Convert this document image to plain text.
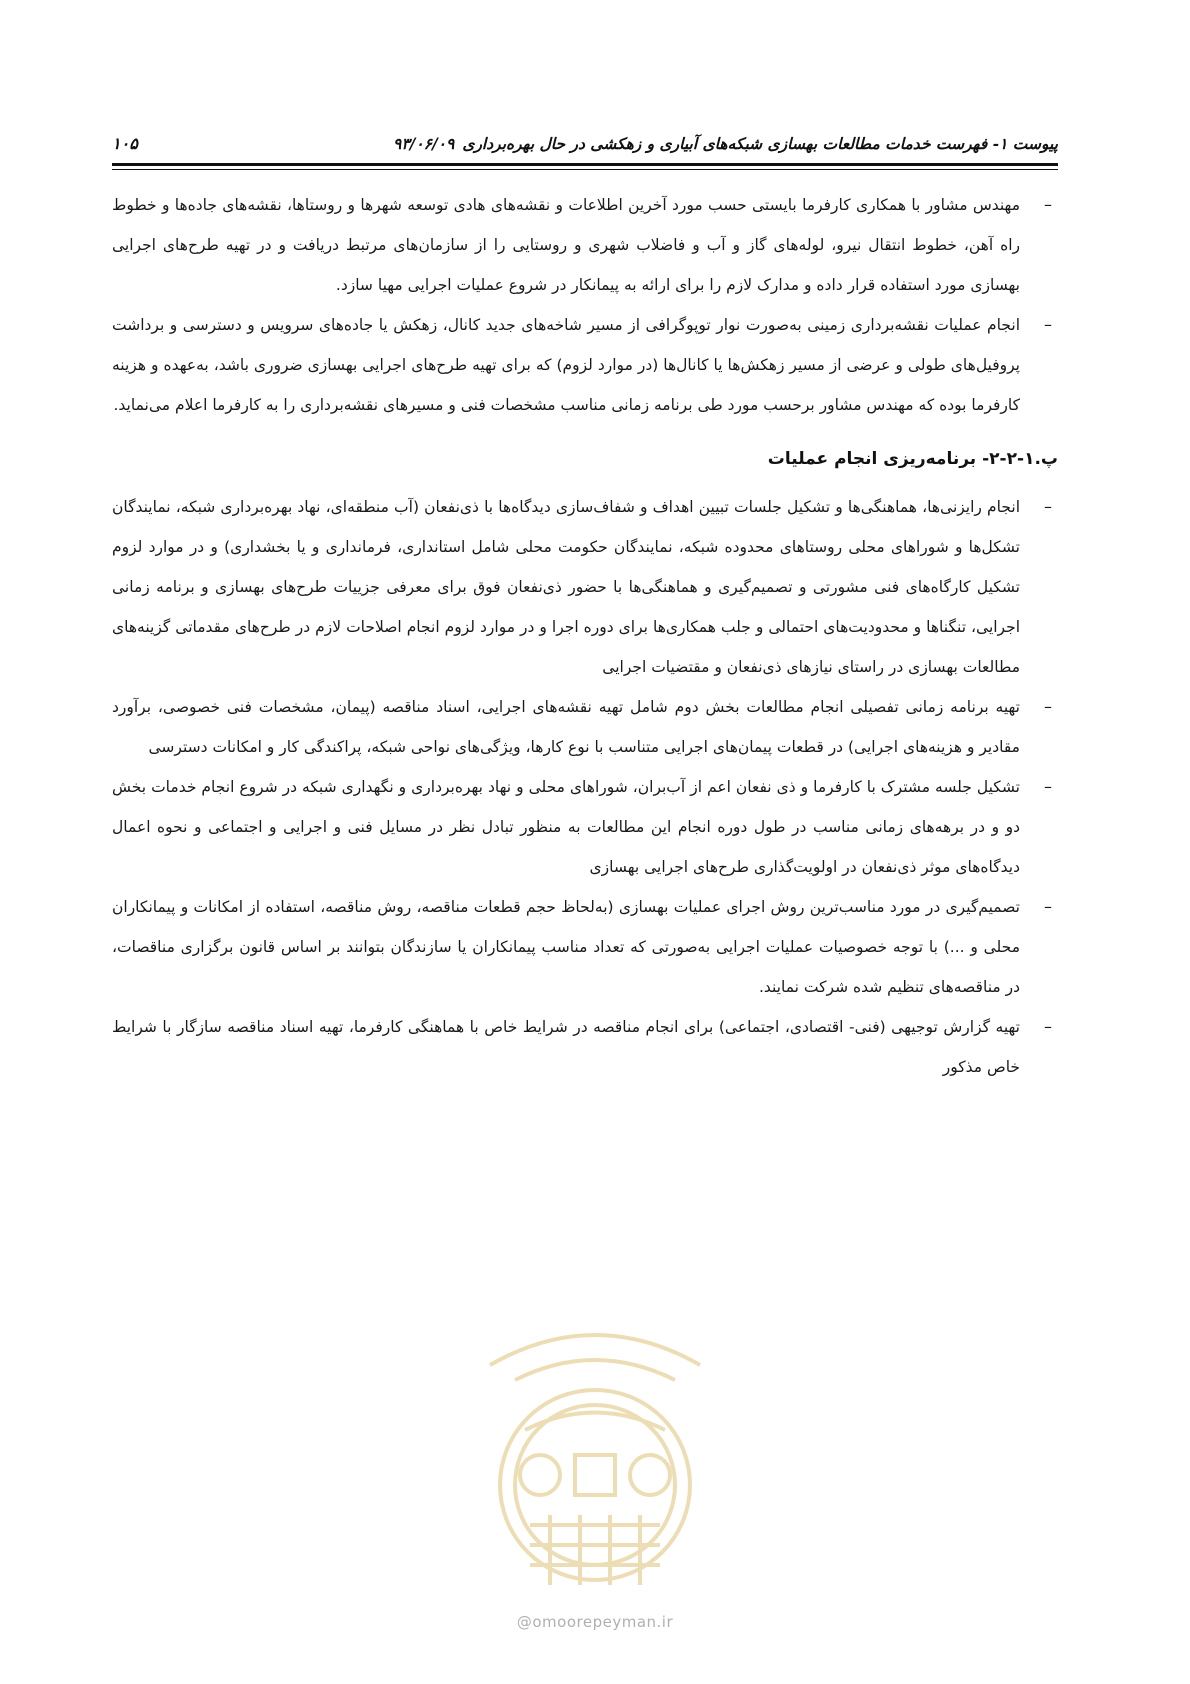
پیوست ۱- فهرست خدمات مطالعات بهسازی شبکه‌های آبیاری و زهکشی در حال بهره‌برداری۹۳/۰۶/۰۹
۱۰۵
–
مهندس مشاور با همکاری کارفرما بایستی حسب مورد آخرین اطلاعات و نقشه‌های هادی توسعه شهرها و روستاها، نقشه‌های جاده‌ها و خطوط راه آهن، خطوط انتقال نیرو، لوله‌های گاز و آب و فاضلاب شهری و روستایی را از سازمان‌های مرتبط دریافت و در تهیه طرح‌های اجرایی بهسازی مورد استفاده قرار داده و مدارک لازم را برای ارائه به پیمانکار در شروع عملیات اجرایی مهیا سازد.
–
انجام عملیات نقشه‌برداری زمینی به‌صورت نوار توپوگرافی از مسیر شاخه‌های جدید کانال، زهکش یا جاده‌های سرویس و دسترسی و برداشت پروفیل‌های طولی و عرضی از مسیر زهکش‌ها یا کانال‌ها (در موارد لزوم) که برای تهیه طرح‌های اجرایی بهسازی ضروری باشد، به‌عهده و هزینه کارفرما بوده که مهندس مشاور برحسب مورد طی برنامه زمانی مناسب مشخصات فنی و مسیرهای نقشه‌برداری را به کارفرما اعلام می‌نماید.
پ.۱-۲-۲- برنامه‌ریزی انجام عملیات
–
انجام رایزنی‌ها، هماهنگی‌ها و تشکیل جلسات تبیین اهداف و شفاف‌سازی دیدگاه‌ها با ذی‌نفعان (آب منطقه‌ای، نهاد بهره‌برداری شبکه، نمایندگان تشکل‌ها و شوراهای محلی روستاهای محدوده شبکه، نمایندگان حکومت محلی شامل استانداری، فرمانداری و یا بخشداری) و در موارد لزوم تشکیل کارگاه‌های فنی مشورتی و تصمیم‌گیری و هماهنگی‌ها با حضور ذی‌نفعان فوق برای معرفی جزییات طرح‌های بهسازی و برنامه زمانی اجرایی، تنگناها و محدودیت‌های احتمالی و جلب همکاری‌ها برای دوره اجرا و در موارد لزوم انجام اصلاحات لازم در طرح‌های مقدماتی گزینه‌های مطالعات بهسازی در راستای نیازهای ذی‌نفعان و مقتضیات اجرایی
–
تهیه برنامه زمانی تفصیلی انجام مطالعات بخش دوم شامل تهیه نقشه‌های اجرایی، اسناد مناقصه (پیمان، مشخصات فنی خصوصی، برآورد مقادیر و هزینه‌های اجرایی) در قطعات پیمان‌های اجرایی متناسب با نوع کارها، ویژگی‌های نواحی شبکه، پراکندگی کار و امکانات دسترسی
–
تشکیل جلسه مشترک با کارفرما و ذی نفعان اعم از آب‌بران، شوراهای محلی و نهاد بهره‌برداری و نگهداری شبکه در شروع انجام خدمات بخش دو و در برهه‌های زمانی مناسب در طول دوره انجام این مطالعات به منظور تبادل نظر در مسایل فنی و اجرایی و اجتماعی و نحوه اعمال دیدگاه‌های موثر ذی‌نفعان در اولویت‌گذاری طرح‌های اجرایی بهسازی
–
تصمیم‌گیری در مورد مناسب‌ترین روش اجرای عملیات بهسازی (به‌لحاظ حجم قطعات مناقصه، روش مناقصه، استفاده از امکانات و پیمانکاران محلی و ...) با توجه خصوصیات عملیات اجرایی به‌صورتی که تعداد مناسب پیمانکاران یا سازندگان بتوانند بر اساس قانون برگزاری مناقصات، در مناقصه‌های تنظیم شده شرکت نمایند.
–
تهیه گزارش توجیهی (فنی- اقتصادی، اجتماعی) برای انجام مناقصه در شرایط خاص با هماهنگی کارفرما، تهیه اسناد مناقصه سازگار با شرایط خاص مذکور
@omoorepeyman.ir
